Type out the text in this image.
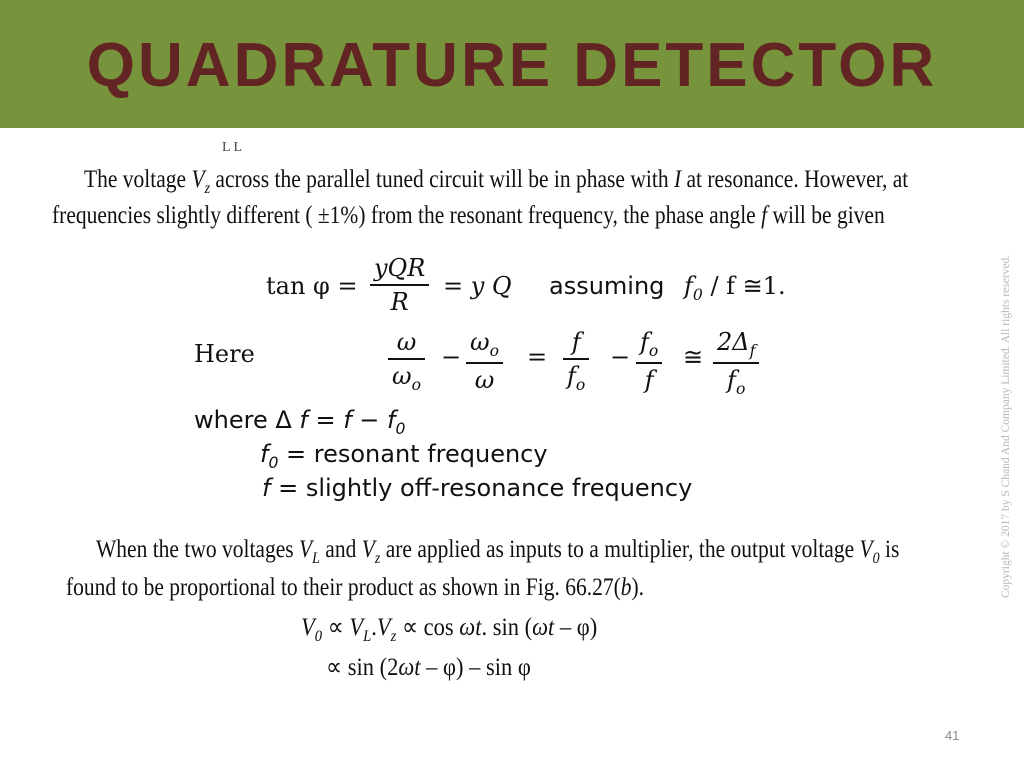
QUADRATURE DETECTOR
L L
The voltage $V_z$ across the parallel tuned circuit will be in phase with I at resonance. However, at
frequencies slightly different ( ±1%) from the resonant frequency, the phase angle f will be given
tan φ =
yQR
R
= y Q assuming $f_0$ / f ≅1.
Here	$\frac{\omega}{\omega_o} - \frac{\omega_o}{\omega} = \frac{f}{f_o} - \frac{f_o}{f}$ ≅ $\frac{2\Delta_f}{f_o}$
where Δ $f = f - f_0$
$f_0$ = resonant frequency
f = slightly off-resonance frequency
When the two voltages $V_L$ and $V_z$ are applied as inputs to a multiplier, the output voltage $V_0$ is
found to be proportional to their product as shown in Fig. 66.27(b).
$V_0 \propto V_L.V_z \propto \cos \omega t$. sin (ωt – φ)
∝ sin (2ωt – φ) – sin φ
Copyright © 2017 by S Chand And Company Limited. All rights reserved.
41
